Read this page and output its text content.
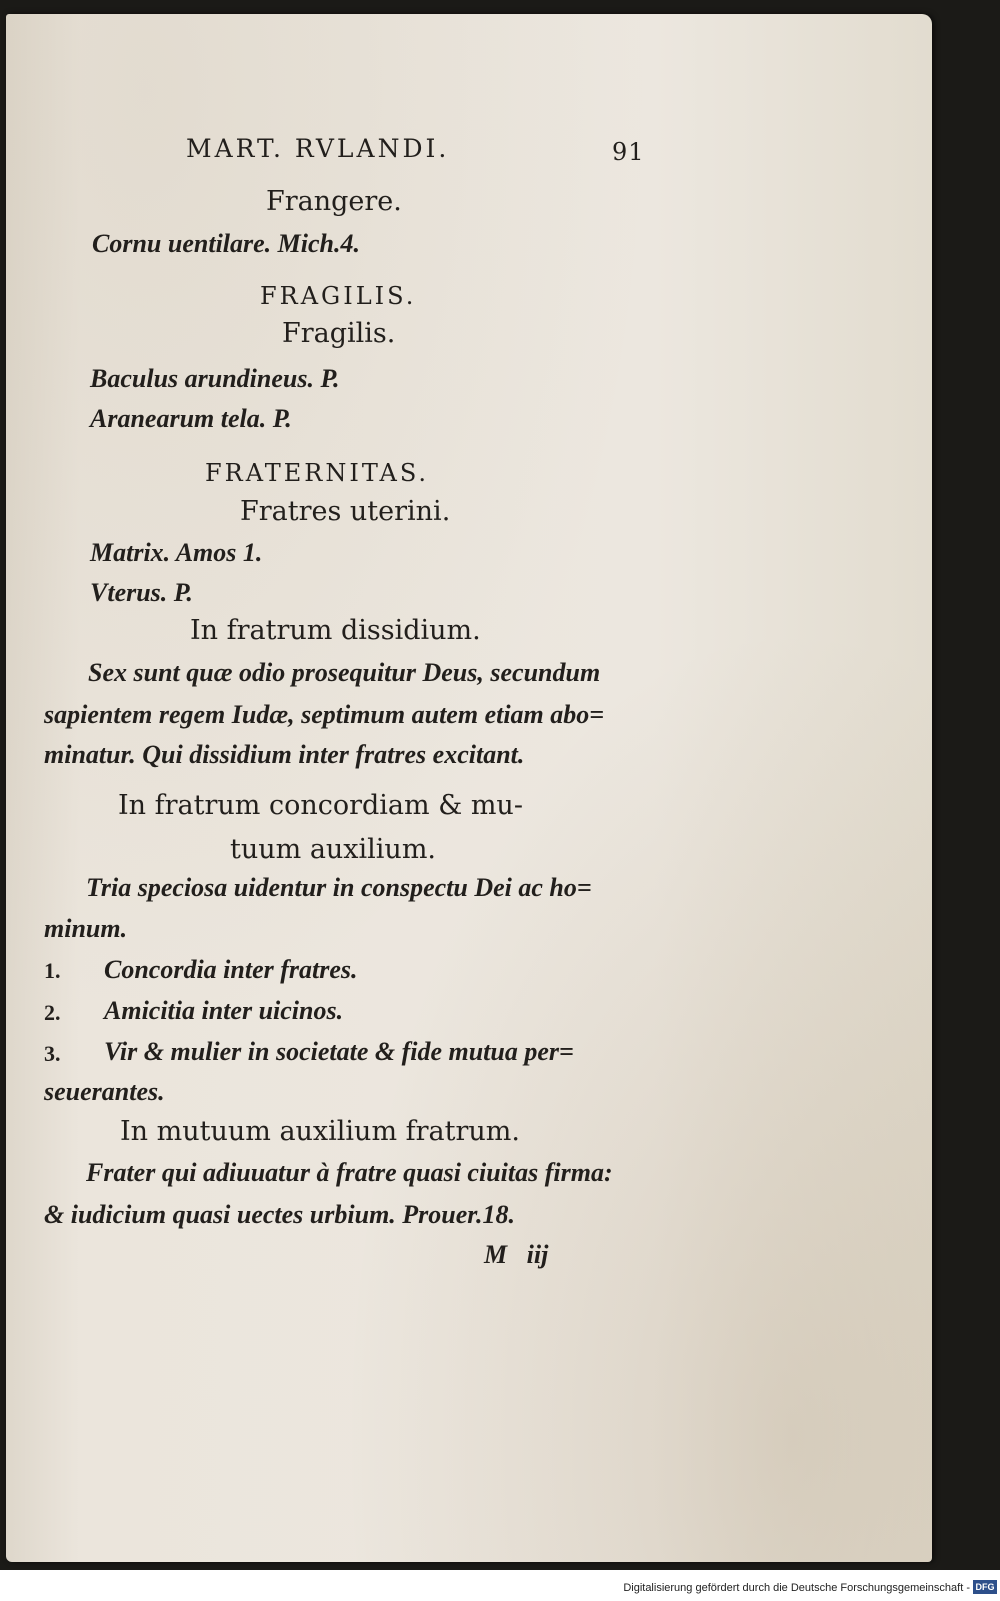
MART. RVLANDI.	91
Frangere.
Cornu uentilare. Mich.4.
FRAGILIS.
Fragilis.
Baculus arundineus. P.
Aranearum tela. P.
FRATERNITAS.
Fratres uterini.
Matrix. Amos 1.
Vterus. P.
In fratrum dissidium.
Sex sunt quæ odio prosequitur Deus, secundum
sapientem regem Iudæ, septimum autem etiam abo=
minatur. Qui dissidium inter fratres excitant.
In fratrum concordiam & mu-
tuum auxilium.
Tria speciosa uidentur in conspectu Dei ac ho=
minum.
1. Concordia inter fratres.
2. Amicitia inter uicinos.
3. Vir & mulier in societate & fide mutua per=
seuerantes.
In mutuum auxilium fratrum.
Frater qui adiuuatur à fratre quasi ciuitas firma:
& iudicium quasi uectes urbium. Prouer.18.
M   iij
Digitalisierung gefördert durch die Deutsche Forschungsgemeinschaft - DFG
